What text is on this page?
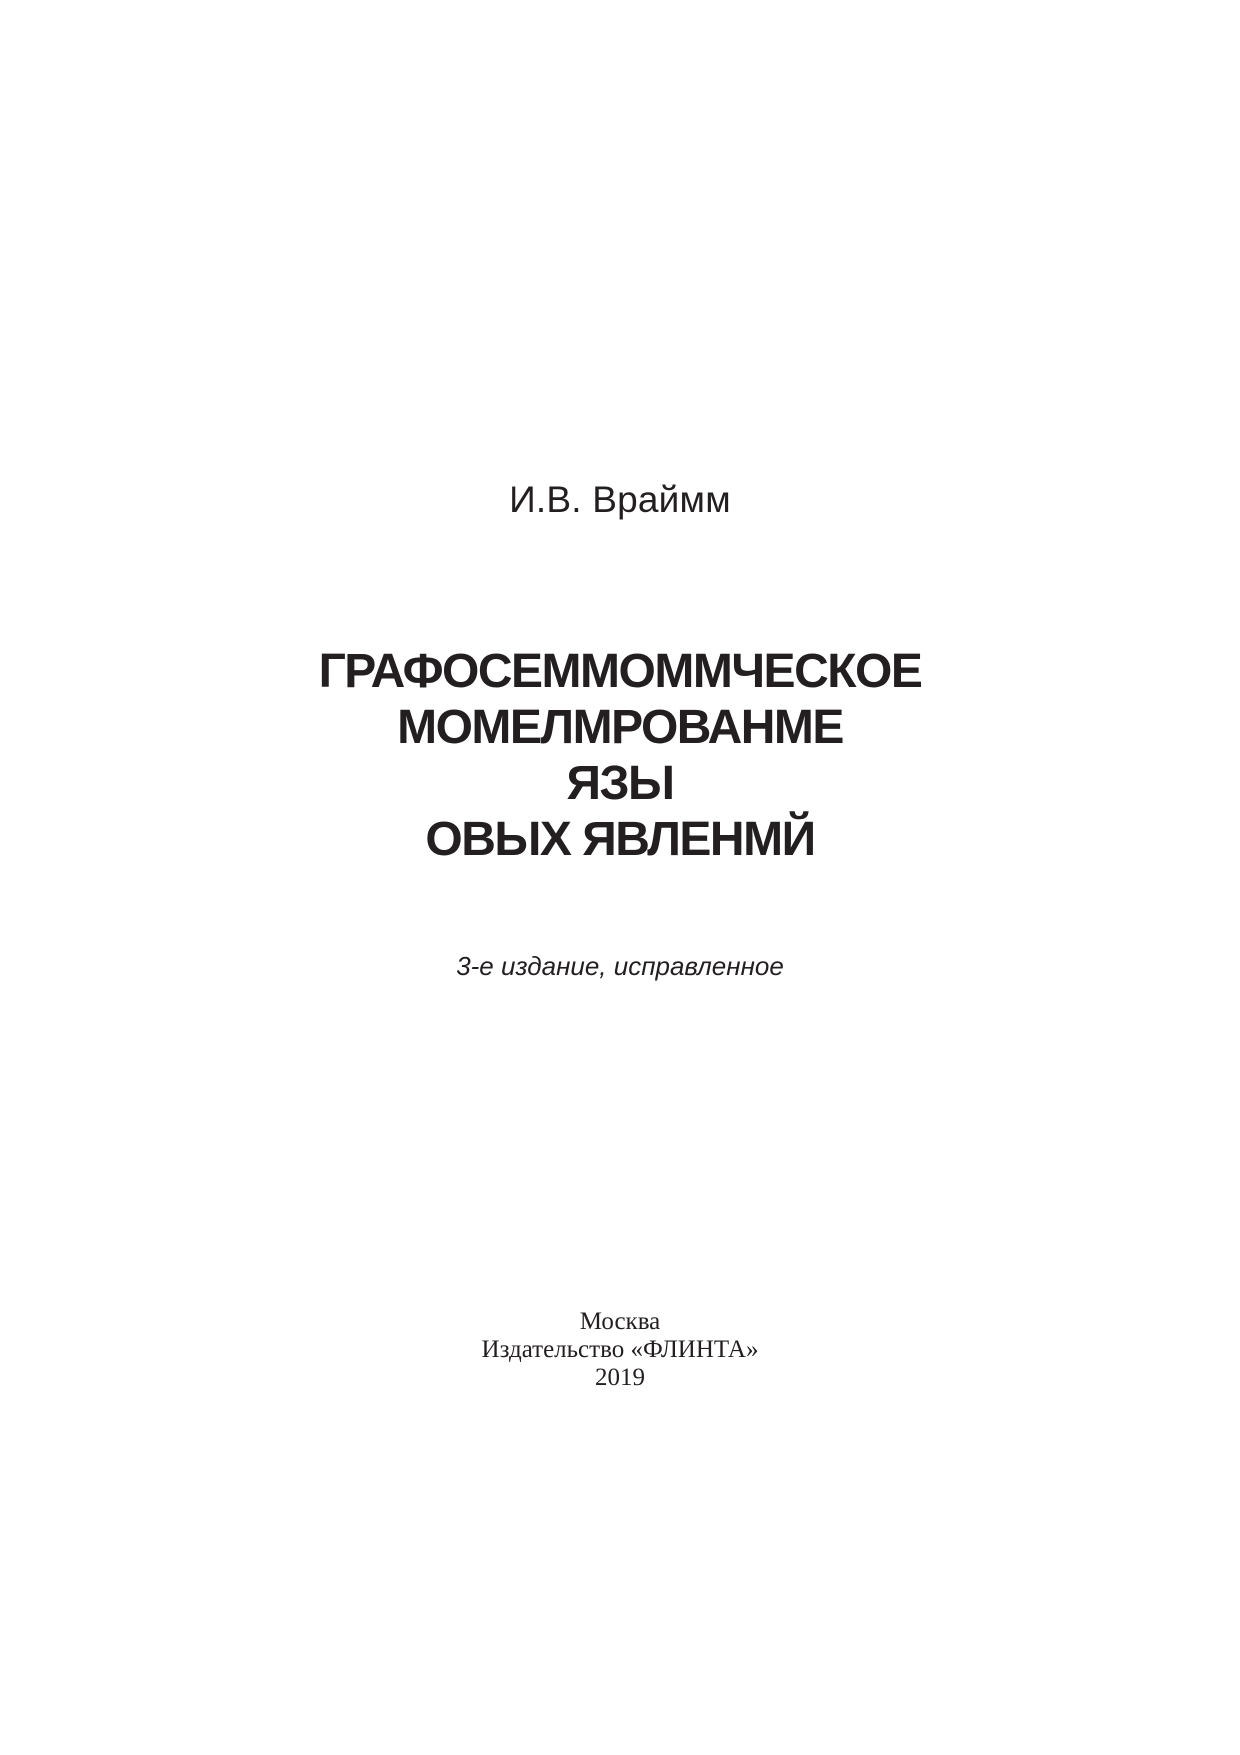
И.В. Враймм
ГРАФОСЕММОММЧЕСКОЕ
МОМЕЛМРОВАНМЕ
ЯЗЫ
ОВЫХ ЯВЛЕНМЙ
3-е издание, исправленное
Москва
Издательство «ФЛИНТА»
2019
